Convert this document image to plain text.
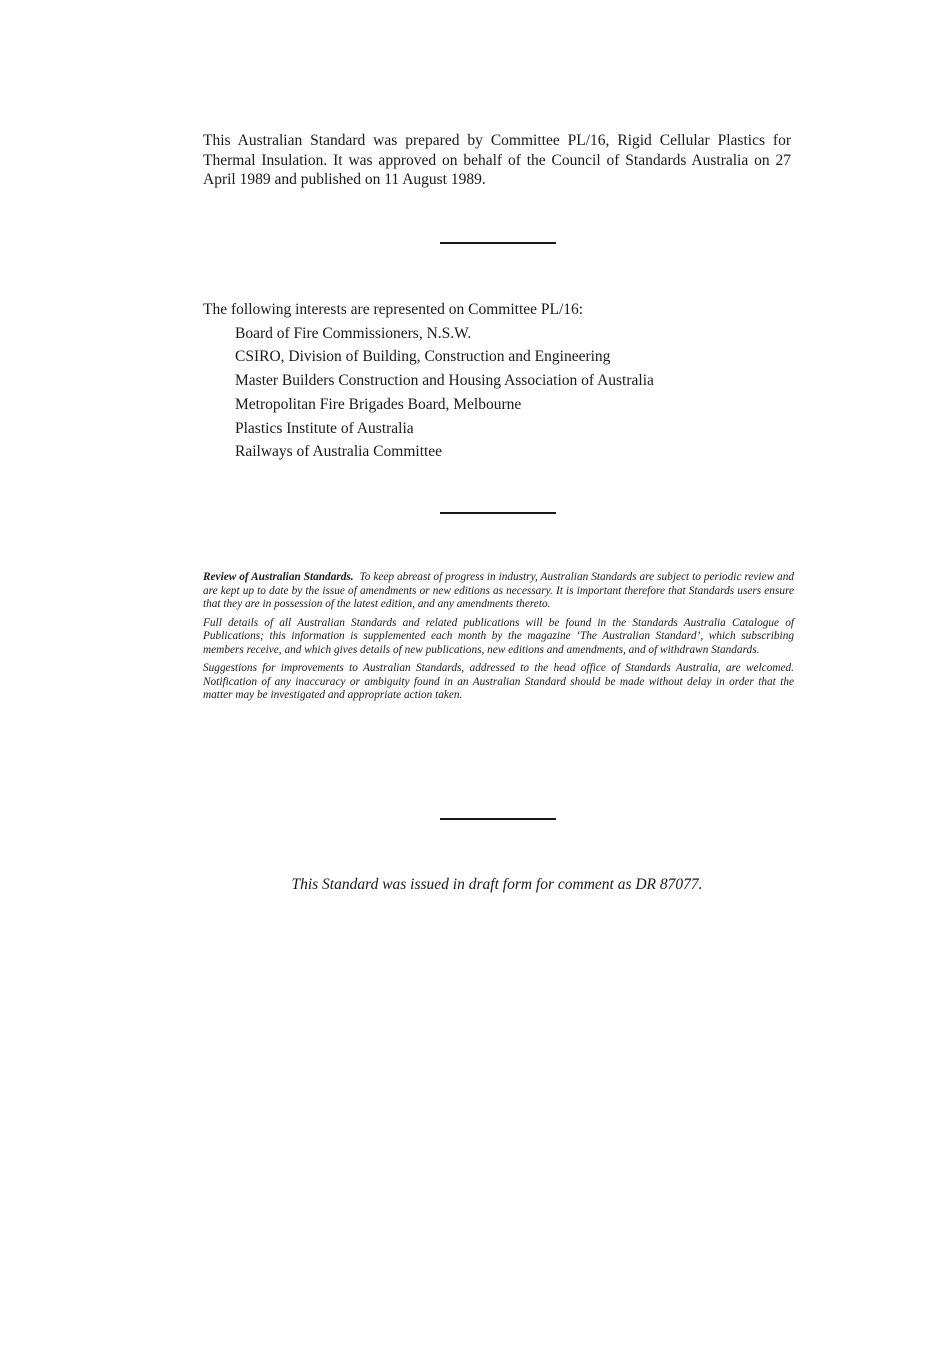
This Australian Standard was prepared by Committee PL/16, Rigid Cellular Plastics for Thermal Insulation. It was approved on behalf of the Council of Standards Australia on 27 April 1989 and published on 11 August 1989.
The following interests are represented on Committee PL/16:
Board of Fire Commissioners, N.S.W.
CSIRO, Division of Building, Construction and Engineering
Master Builders Construction and Housing Association of Australia
Metropolitan Fire Brigades Board, Melbourne
Plastics Institute of Australia
Railways of Australia Committee

Review of Australian Standards. To keep abreast of progress in industry, Australian Standards are subject to periodic review and are kept up to date by the issue of amendments or new editions as necessary. It is important therefore that Standards users ensure that they are in possession of the latest edition, and any amendments thereto.

Full details of all Australian Standards and related publications will be found in the Standards Australia Catalogue of Publications; this information is supplemented each month by the magazine ‘The Australian Standard’, which subscribing members receive, and which gives details of new publications, new editions and amendments, and of withdrawn Standards.

Suggestions for improvements to Australian Standards, addressed to the head office of Standards Australia, are welcomed. Notification of any inaccuracy or ambiguity found in an Australian Standard should be made without delay in order that the matter may be investigated and appropriate action taken.

This Standard was issued in draft form for comment as DR 87077.
